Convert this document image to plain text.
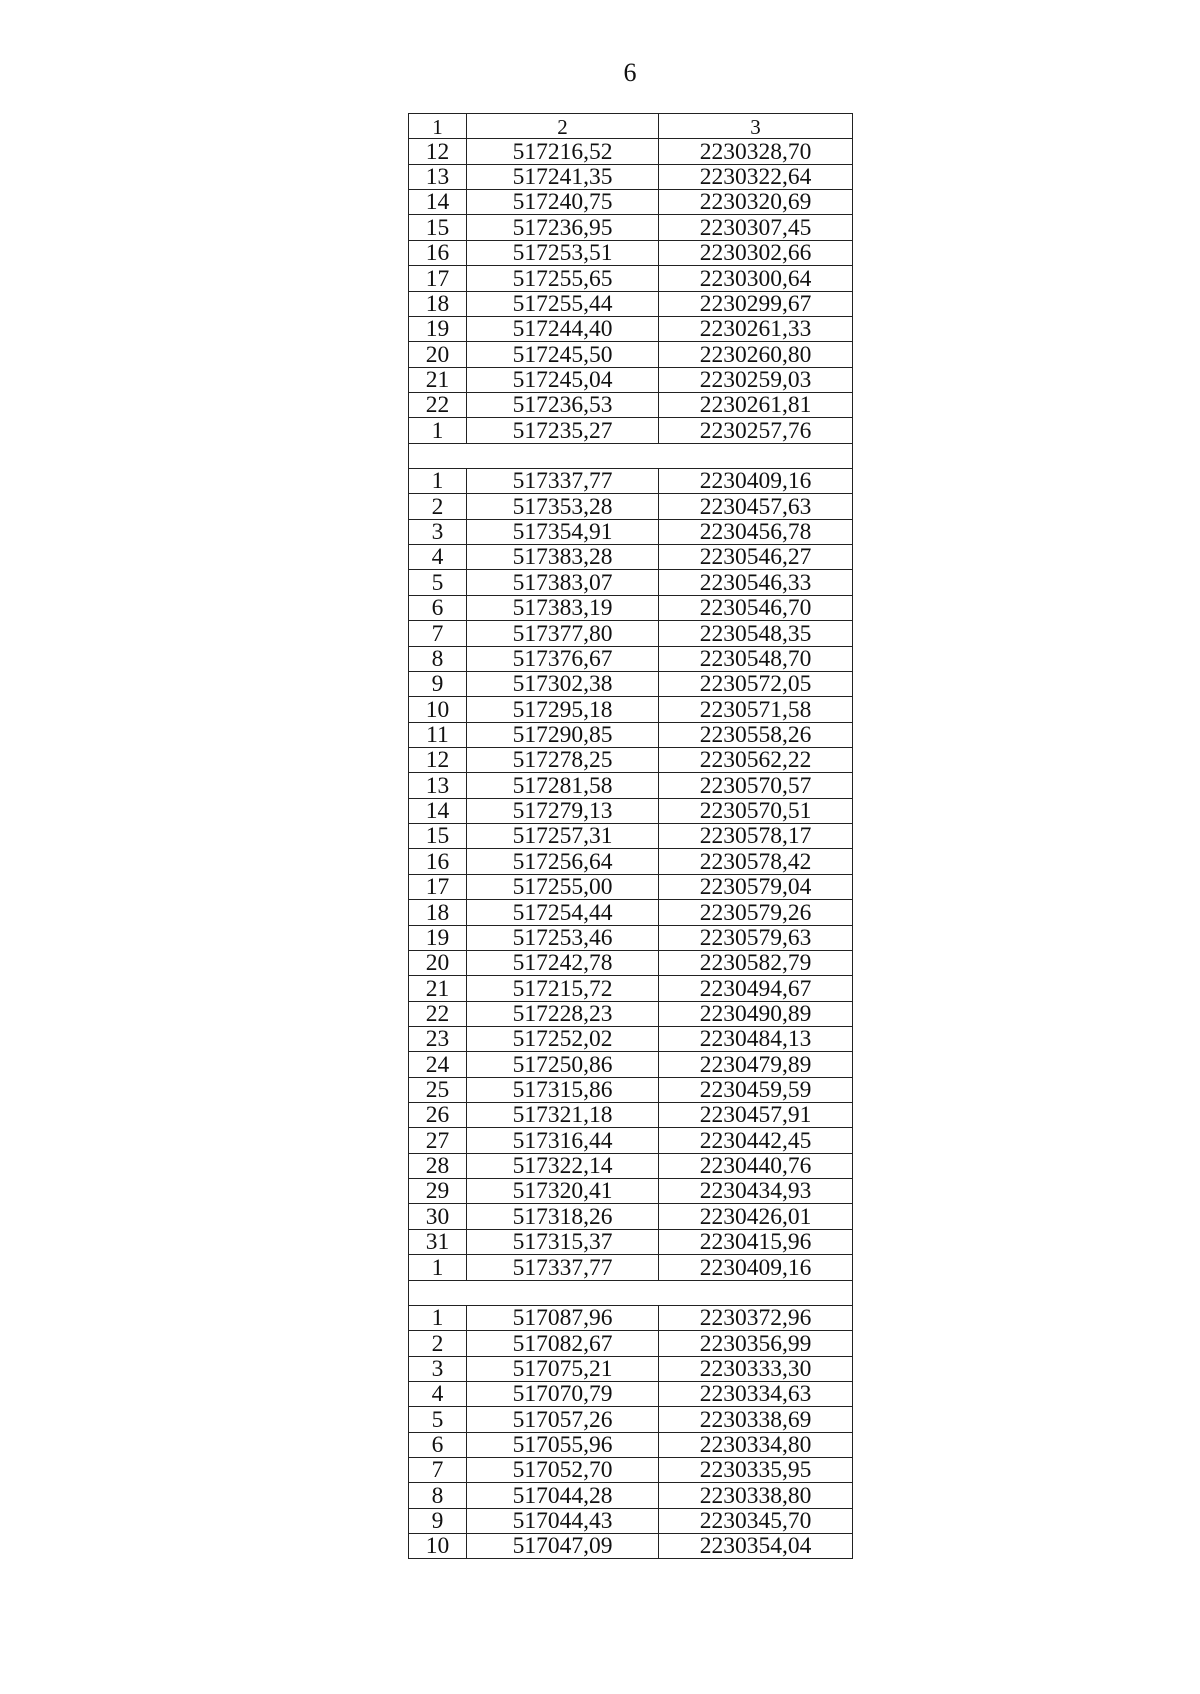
6
1	2	3
12	517216,52	2230328,70
13	517241,35	2230322,64
14	517240,75	2230320,69
15	517236,95	2230307,45
16	517253,51	2230302,66
17	517255,65	2230300,64
18	517255,44	2230299,67
19	517244,40	2230261,33
20	517245,50	2230260,80
21	517245,04	2230259,03
22	517236,53	2230261,81
1	517235,27	2230257,76

1	517337,77	2230409,16
2	517353,28	2230457,63
3	517354,91	2230456,78
4	517383,28	2230546,27
5	517383,07	2230546,33
6	517383,19	2230546,70
7	517377,80	2230548,35
8	517376,67	2230548,70
9	517302,38	2230572,05
10	517295,18	2230571,58
11	517290,85	2230558,26
12	517278,25	2230562,22
13	517281,58	2230570,57
14	517279,13	2230570,51
15	517257,31	2230578,17
16	517256,64	2230578,42
17	517255,00	2230579,04
18	517254,44	2230579,26
19	517253,46	2230579,63
20	517242,78	2230582,79
21	517215,72	2230494,67
22	517228,23	2230490,89
23	517252,02	2230484,13
24	517250,86	2230479,89
25	517315,86	2230459,59
26	517321,18	2230457,91
27	517316,44	2230442,45
28	517322,14	2230440,76
29	517320,41	2230434,93
30	517318,26	2230426,01
31	517315,37	2230415,96
1	517337,77	2230409,16

1	517087,96	2230372,96
2	517082,67	2230356,99
3	517075,21	2230333,30
4	517070,79	2230334,63
5	517057,26	2230338,69
6	517055,96	2230334,80
7	517052,70	2230335,95
8	517044,28	2230338,80
9	517044,43	2230345,70
10	517047,09	2230354,04
